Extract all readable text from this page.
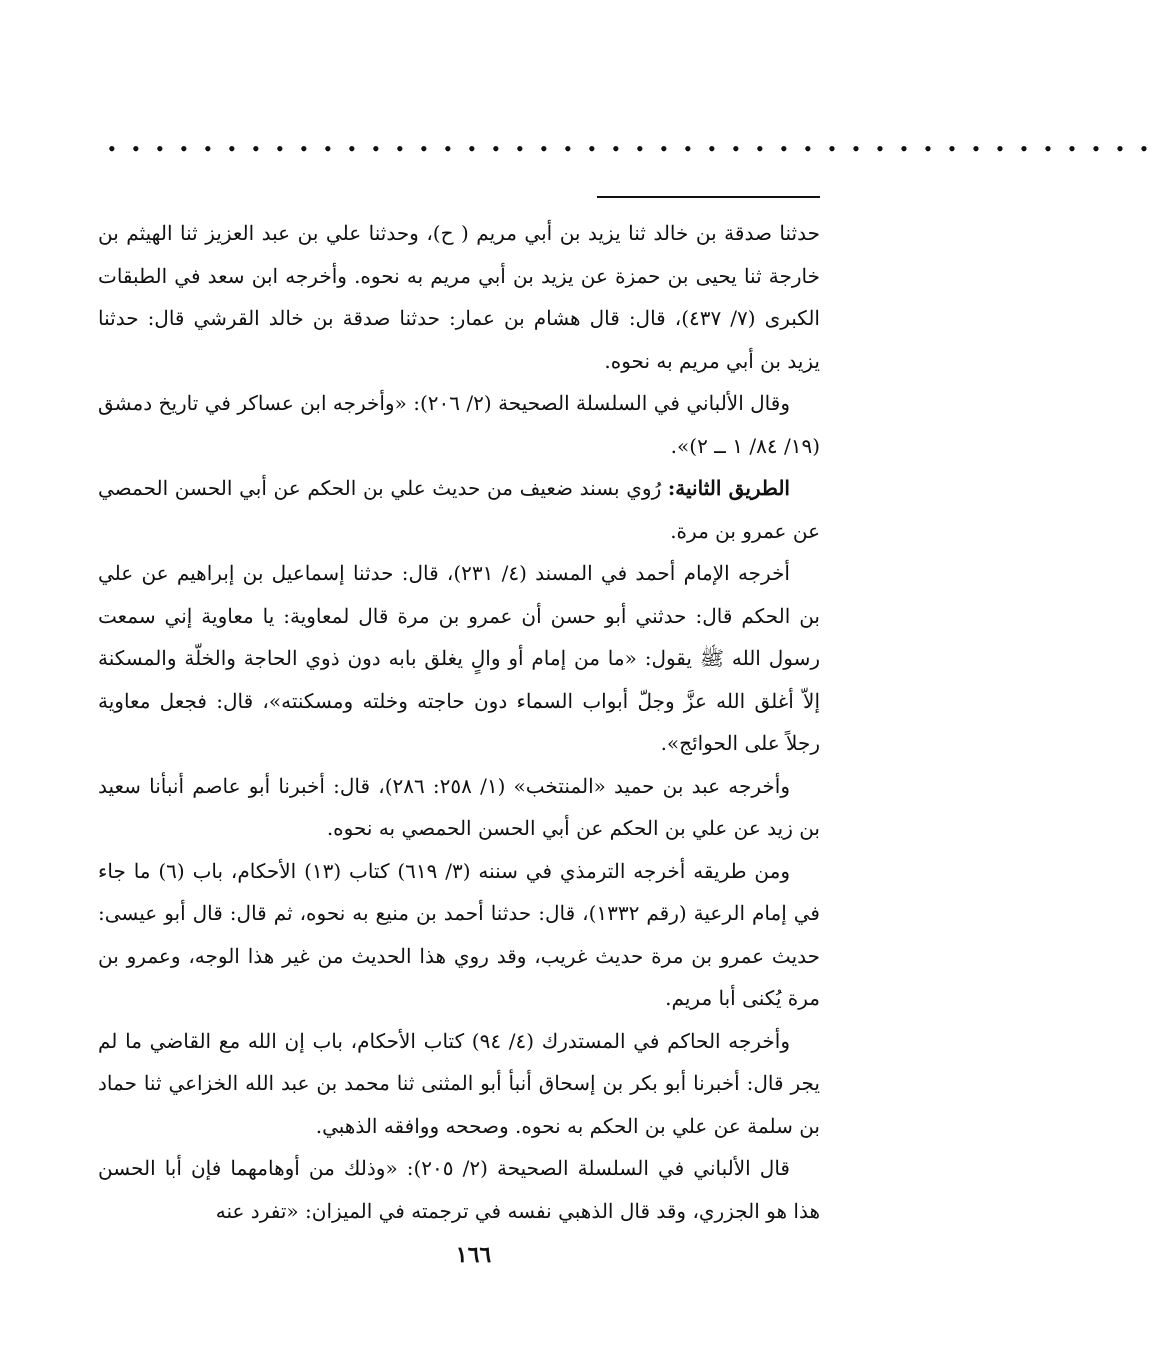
• • • • • • • • • • • • • • • • • • • • • • • • • • • • • • • • • • • • • • • • • • • •

حدثنا صدقة بن خالد ثنا يزيد بن أبي مريم ( ح)، وحدثنا علي بن عبد العزيز ثنا الهيثم بن خارجة ثنا يحيى بن حمزة عن يزيد بن أبي مريم به نحوه. وأخرجه ابن سعد في الطبقات الكبرى (٧/ ٤٣٧)، قال: قال هشام بن عمار: حدثنا صدقة بن خالد القرشي قال: حدثنا يزيد بن أبي مريم به نحوه.

وقال الألباني في السلسلة الصحيحة (٢/ ٢٠٦): «وأخرجه ابن عساكر في تاريخ دمشق (١٩/ ٨٤/ ١ ــ ٢)».

الطريق الثانية: رُوي بسند ضعيف من حديث علي بن الحكم عن أبي الحسن الحمصي عن عمرو بن مرة.

أخرجه الإمام أحمد في المسند (٤/ ٢٣١)، قال: حدثنا إسماعيل بن إبراهيم عن علي بن الحكم قال: حدثني أبو حسن أن عمرو بن مرة قال لمعاوية: يا معاوية إني سمعت رسول الله ﷺ يقول: «ما من إمام أو والٍ يغلق بابه دون ذوي الحاجة والخلّة والمسكنة إلاّ أغلق الله عزَّ وجلّ أبواب السماء دون حاجته وخلته ومسكنته»، قال: فجعل معاوية رجلاً على الحوائج».

وأخرجه عبد بن حميد «المنتخب» (١/ ٢٥٨: ٢٨٦)، قال: أخبرنا أبو عاصم أنبأنا سعيد بن زيد عن علي بن الحكم عن أبي الحسن الحمصي به نحوه.

ومن طريقه أخرجه الترمذي في سننه (٣/ ٦١٩) كتاب (١٣) الأحكام، باب (٦) ما جاء في إمام الرعية (رقم ١٣٣٢)، قال: حدثنا أحمد بن منيع به نحوه، ثم قال: قال أبو عيسى: حديث عمرو بن مرة حديث غريب، وقد روي هذا الحديث من غير هذا الوجه، وعمرو بن مرة يُكنى أبا مريم.

وأخرجه الحاكم في المستدرك (٤/ ٩٤) كتاب الأحكام، باب إن الله مع القاضي ما لم يجر قال: أخبرنا أبو بكر بن إسحاق أنبأ أبو المثنى ثنا محمد بن عبد الله الخزاعي ثنا حماد بن سلمة عن علي بن الحكم به نحوه. وصححه ووافقه الذهبي.

قال الألباني في السلسلة الصحيحة (٢/ ٢٠٥): «وذلك من أوهامهما فإن أبا الحسن هذا هو الجزري، وقد قال الذهبي نفسه في ترجمته في الميزان: «تفرد عنه

١٦٦
